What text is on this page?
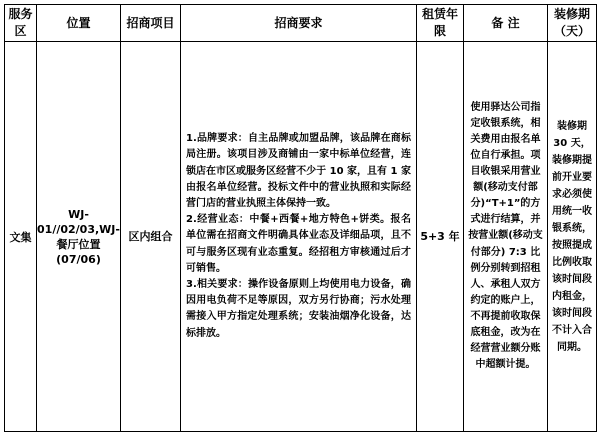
服务区	位置	招商项目	招商要求	租赁年限	备 注	装修期（天）
文集	WJ-01//02/03,WJ-餐厅位置(07/06)	区内组合	1.品牌要求：自主品牌或加盟品牌，该品牌在商标局注册。该项目涉及商铺由一家中标单位经营，连锁店在市区或服务区经营不少于 10 家，且有 1 家由报名单位经营。投标文件中的营业执照和实际经营门店的营业执照主体保持一致。

2.经营业态：中餐+西餐+地方特色+饼类。报名单位需在招商文件明确具体业态及详细品项，且不可与服务区现有业态重复。经招租方审核通过后才可销售。

3.相关要求：操作设备原则上均使用电力设备，确因用电负荷不足等原因，双方另行协商；污水处理需接入甲方指定处理系统；安装油烟净化设备，达标排放。	5+3 年	使用驿达公司指定收银系统，相关费用由报名单位自行承担。项目收银采用营业额(移动支付部分)“T+1”的方式进行结算，并按营业额(移动支付部分) 7:3 比例分别转到招租人、承租人双方约定的账户上，不再提前收取保底租金，改为在经营营业额分账中超额计提。	装修期 30 天，装修期提前开业要求必须使用统一收银系统，按照提成比例收取该时间段内租金，该时间段不计入合同期。
